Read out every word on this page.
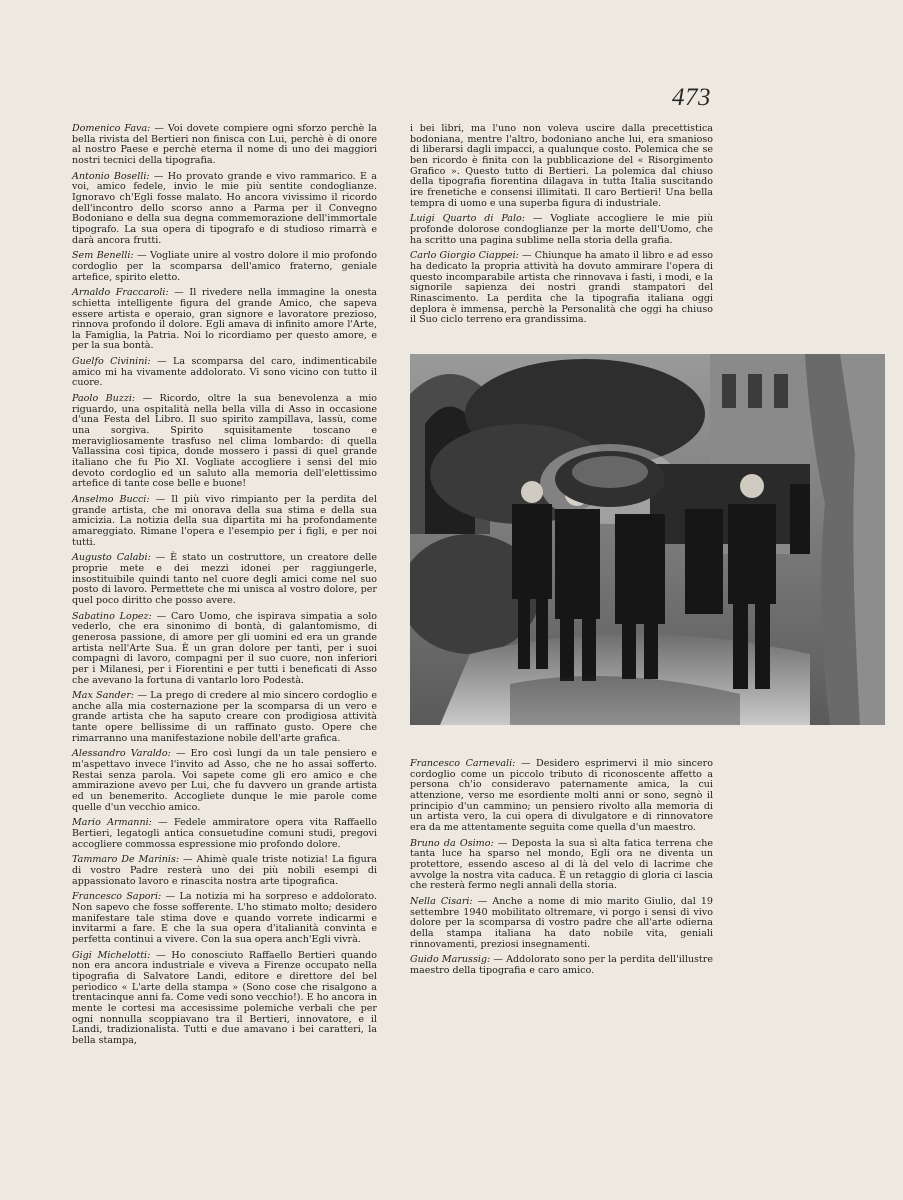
473

Domenico Fava: — Voi dovete compiere ogni sforzo perchè la bella rivista del Bertieri non finisca con Lui, perchè è di onore al nostro Paese e perchè eterna il nome di uno dei maggiori nostri tecnici della tipografia.

Antonio Boselli: — Ho provato grande e vivo rammarico. E a voi, amico fedele, invio le mie più sentite condoglianze. Ignoravo ch'Egli fosse malato. Ho ancora vivissimo il ricordo dell'incontro dello scorso anno a Parma per il Convegno Bodoniano e della sua degna commemorazione dell'immortale tipografo. La sua opera di tipografo e di studioso rimarrà e darà ancora frutti.

Sem Benelli: — Vogliate unire al vostro dolore il mio profondo cordoglio per la scomparsa dell'amico fraterno, geniale artefice, spirito eletto.

Arnaldo Fraccaroli: — Il rivedere nella immagine la onesta schietta intelligente figura del grande Amico, che sapeva essere artista e operaio, gran signore e lavoratore prezioso, rinnova profondo il dolore. Egli amava di infinito amore l'Arte, la Famiglia, la Patria. Noi lo ricordiamo per questo amore, e per la sua bontà.

Guelfo Civinini: — La scomparsa del caro, indimenticabile amico mi ha vivamente addolorato. Vi sono vicino con tutto il cuore.

Paolo Buzzi: — Ricordo, oltre la sua benevolenza a mio riguardo, una ospitalità nella bella villa di Asso in occasione d'una Festa del Libro. Il suo spirito zampillava, lassù, come una sorgiva. Spirito squisitamente toscano e meravigliosamente trasfuso nel clima lombardo: di quella Vallassina così tipica, donde mossero i passi di quel grande italiano che fu Pio XI. Vogliate accogliere i sensi del mio devoto cordoglio ed un saluto alla memoria dell'elettissimo artefice di tante cose belle e buone!

Anselmo Bucci: — Il più vivo rimpianto per la perdita del grande artista, che mi onorava della sua stima e della sua amicizia. La notizia della sua dipartita mi ha profondamente amareggiato. Rimane l'opera e l'esempio per i figli, e per noi tutti.

Augusto Calabi: — È stato un costruttore, un creatore delle proprie mete e dei mezzi idonei per raggiungerle, insostituibile quindi tanto nel cuore degli amici come nel suo posto di lavoro. Permettete che mi unisca al vostro dolore, per quel poco diritto che posso avere.

Sabatino Lopez: — Caro Uomo, che ispirava simpatia a solo vederlo, che era sinonimo di bontà, di galantomismo, di generosa passione, di amore per gli uomini ed era un grande artista nell'Arte Sua. È un gran dolore per tanti, per i suoi compagni di lavoro, compagni per il suo cuore, non inferiori per i Milanesi, per i Fiorentini e per tutti i beneficati di Asso che avevano la fortuna di vantarlo loro Podestà.

Max Sander: — La prego di credere al mio sincero cordoglio e anche alla mia costernazione per la scomparsa di un vero e grande artista che ha saputo creare con prodigiosa attività tante opere bellissime di un raffinato gusto. Opere che rimarranno una manifestazione nobile dell'arte grafica.

Alessandro Varaldo: — Ero così lungi da un tale pensiero e m'aspettavo invece l'invito ad Asso, che ne ho assai sofferto. Restai senza parola. Voi sapete come gli ero amico e che ammirazione avevo per Lui, che fu davvero un grande artista ed un benemerito. Accogliete dunque le mie parole come quelle d'un vecchio amico.

Mario Armanni: — Fedele ammiratore opera vita Raffaello Bertieri, legatogli antica consuetudine comuni studi, pregovi accogliere commossa espressione mio profondo dolore.

Tammaro De Marinis: — Ahimè quale triste notizia! La figura di vostro Padre resterà uno dei più nobili esempi di appassionato lavoro e rinascita nostra arte tipografica.

Francesco Sapori: — La notizia mi ha sorpreso e addolorato. Non sapevo che fosse sofferente. L'ho stimato molto; desidero manifestare tale stima dove e quando vorrete indicarmi e invitarmi a fare. E che la sua opera d'italianità convinta e perfetta continui a vivere. Con la sua opera anch'Egli vivrà.

Gigi Michelotti: — Ho conosciuto Raffaello Bertieri quando non era ancora industriale e viveva a Firenze occupato nella tipografia di Salvatore Landi, editore e direttore del bel periodico « L'arte della stampa » (Sono cose che risalgono a trentacinque anni fa. Come vedi sono vecchio!). E ho ancora in mente le cortesi ma accesissime polemiche verbali che per ogni nonnulla scoppiavano tra il Bertieri, innovatore, e il Landi, tradizionalista. Tutti e due amavano i bei caratteri, la bella stampa,

i bei libri, ma l'uno non voleva uscire dalla precettistica bodoniana, mentre l'altro, bodoniano anche lui, era smanioso di liberarsi dagli impacci, a qualunque costo. Polemica che se ben ricordo è finita con la pubblicazione del « Risorgimento Grafico ». Questo tutto di Bertieri. La polemica dal chiuso della tipografia fiorentina dilagava in tutta Italia suscitando ire frenetiche e consensi illimitati. Il caro Bertieri! Una bella tempra di uomo e una superba figura di industriale.

Luigi Quarto di Palo: — Vogliate accogliere le mie più profonde dolorose condoglianze per la morte dell'Uomo, che ha scritto una pagina sublime nella storia della grafia.

Carlo Giorgio Ciappei: — Chiunque ha amato il libro e ad esso ha dedicato la propria attività ha dovuto ammirare l'opera di questo incomparabile artista che rinnovava i fasti, i modi, e la signorile sapienza dei nostri grandi stampatori del Rinascimento. La perdita che la tipografia italiana oggi deplora è immensa, perchè la Personalità che oggi ha chiuso il Suo ciclo terreno era grandissima.

Francesco Carnevali: — Desidero esprimervi il mio sincero cordoglio come un piccolo tributo di riconoscente affetto a persona ch'io consideravo paternamente amica, la cui attenzione, verso me esordiente molti anni or sono, segnò il principio d'un cammino; un pensiero rivolto alla memoria di un artista vero, la cui opera di divulgatore e di rinnovatore era da me attentamente seguita come quella d'un maestro.

Bruno da Osimo: — Deposta la sua sì alta fatica terrena che tanta luce ha sparso nel mondo, Egli ora ne diventa un protettore, essendo asceso al di là del velo di lacrime che avvolge la nostra vita caduca. È un retaggio di gloria ci lascia che resterà fermo negli annali della storia.

Nella Cisari: — Anche a nome di mio marito Giulio, dal 19 settembre 1940 mobilitato oltremare, vi porgo i sensi di vivo dolore per la scomparsa di vostro padre che all'arte odierna della stampa italiana ha dato nobile vita, geniali rinnovamenti, preziosi insegnamenti.

Guido Marussig: — Addolorato sono per la perdita dell'illustre maestro della tipografia e caro amico.
